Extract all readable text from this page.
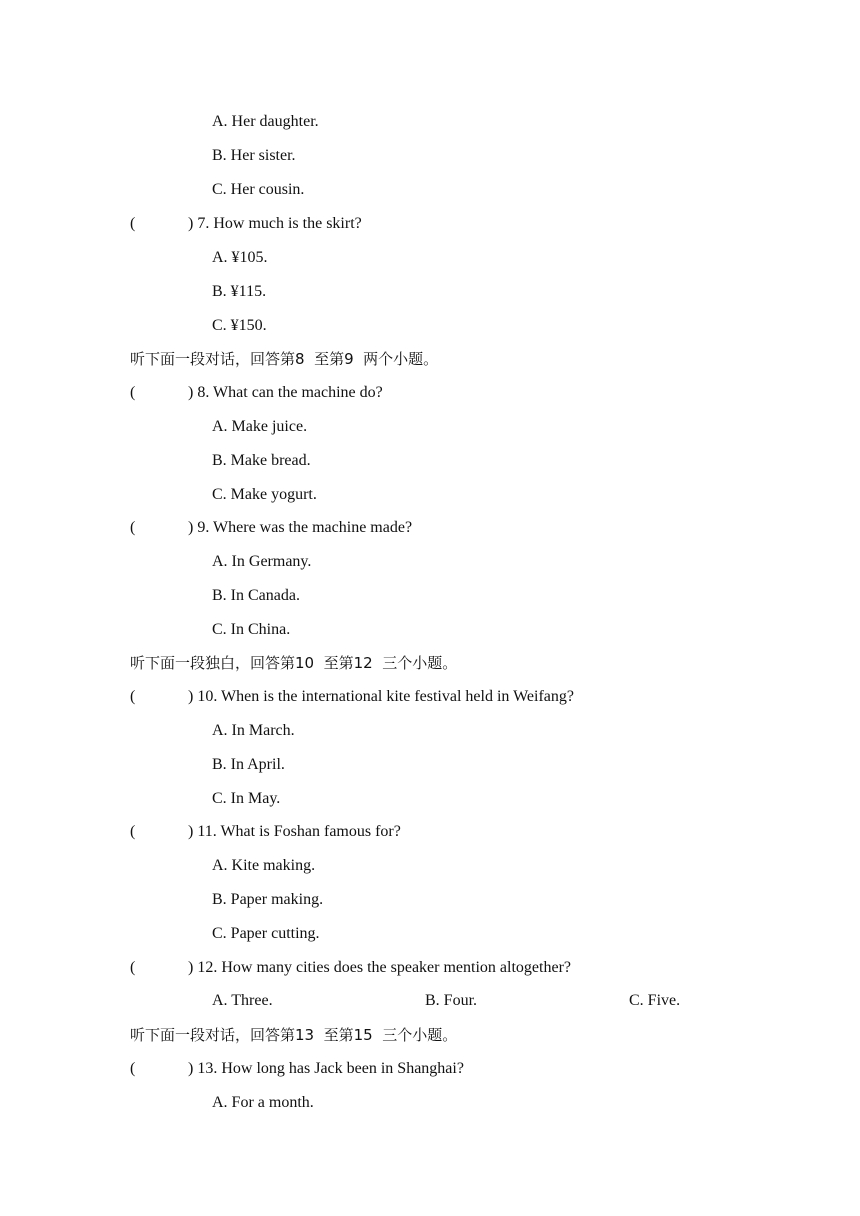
A. Her daughter.
B. Her sister.
C. Her cousin.
(	) 7. How much is the skirt?
A. ¥105.
B. ¥115.
C. ¥150.
听下面一段对话，回答第8  至第9  两个小题。
(	) 8. What can the machine do?
A. Make juice.
B. Make bread.
C. Make yogurt.
(	) 9. Where was the machine made?
A. In Germany.
B. In Canada.
C. In China.
听下面一段独白，回答第10  至第12  三个小题。
(	) 10. When is the international kite festival held in Weifang?
A. In March.
B. In April.
C. In May.
(	) 11. What is Foshan famous for?
A. Kite making.
B. Paper making.
C. Paper cutting.
(	) 12. How many cities does the speaker mention altogether?
A. Three.	B. Four.	C. Five.
听下面一段对话，回答第13  至第15  三个小题。
(	) 13. How long has Jack been in Shanghai?
A. For a month.
